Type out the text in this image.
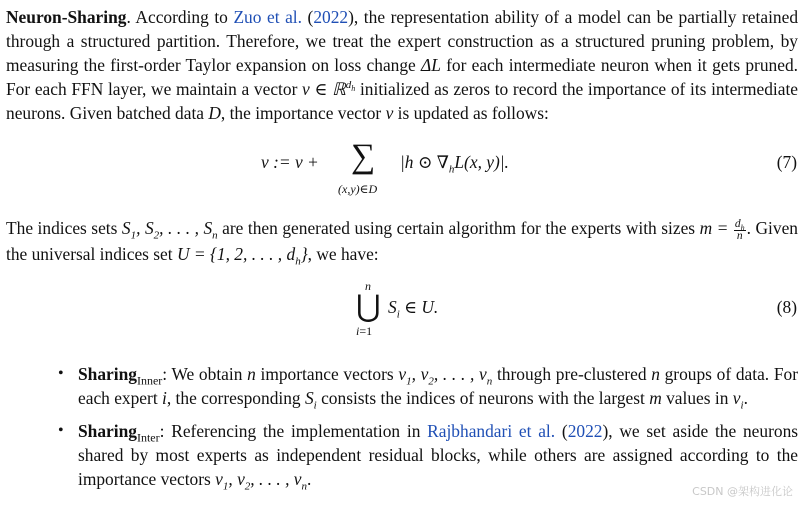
Neuron-Sharing. According to Zuo et al. (2022), the representation ability of a model can be partially retained through a structured partition. Therefore, we treat the expert construction as a structured pruning problem, by measuring the first-order Taylor expansion on loss change ΔL for each intermediate neuron when it gets pruned. For each FFN layer, we maintain a vector v ∈ ℝ$^{d_h}$ initialized as zeros to record the importance of its intermediate neurons. Given batched data D, the importance vector v is updated as follows:

v := v + ∑
(x,y)∈D
|h ⊙ $\nabla_hL(x$, y)|.	(7)

The indices sets $S_1$, $S_2$, . . . , $S_n$ are then generated using certain algorithm for the experts with sizes $m = \frac{d_h}{n}$ . Given the universal indices set U = {1, 2, . . . , $d_h$}, we have:

n
⋃
i=1
$S_i$ ∈ U.	(8)
• Sharing$_{Inner}$: We obtain n importance vectors $v_1$, $v_2$, . . . , $v_n$ through pre-clustered n groups of data. For each expert i, the corresponding $S_i$ consists the indices of neurons with the largest m values in $v_i$.
• Sharing$_{Inter}$: Referencing the implementation in Rajbhandari et al. (2022), we set aside the neurons shared by most experts as independent residual blocks, while others are assigned according to the importance vectors $v_1$, $v_2$, . . . , $v_n$.
CSDN @架构进化论
